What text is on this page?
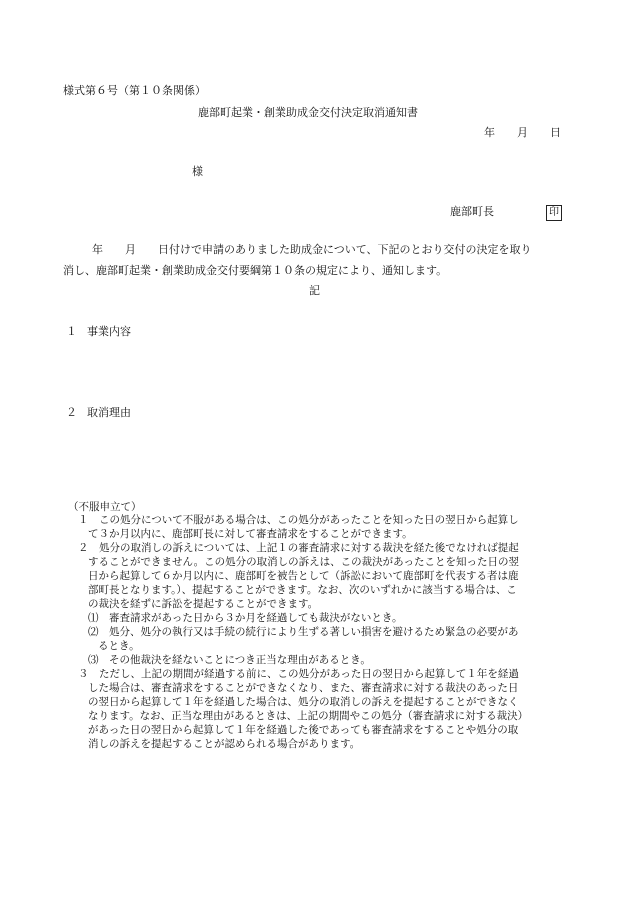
様式第６号（第１０条関係）
鹿部町起業・創業助成金交付決定取消通知書
年　　月　　日
様
鹿部町長	印
　　年　　月　　日付けで申請のありました助成金について、下記のとおり交付の決定を取り
消し、鹿部町起業・創業助成金交付要綱第１０条の規定により、通知します。
記
１ 事業内容
２ 取消理由
（不服申立て）
１　この処分について不服がある場合は、この処分があったことを知った日の翌日から起算し
て３か月以内に、鹿部町長に対して審査請求をすることができます。
２　処分の取消しの訴えについては、上記１の審査請求に対する裁決を経た後でなければ提起
することができません。この処分の取消しの訴えは、この裁決があったことを知った日の翌
日から起算して６か月以内に、鹿部町を被告として（訴訟において鹿部町を代表する者は鹿
部町長となります。）、提起することができます。なお、次のいずれかに該当する場合は、こ
の裁決を経ずに訴訟を提起することができます。
⑴　審査請求があった日から３か月を経過しても裁決がないとき。
⑵　処分、処分の執行又は手続の続行により生ずる著しい損害を避けるため緊急の必要があ
るとき。
⑶　その他裁決を経ないことにつき正当な理由があるとき。
３　ただし、上記の期間が経過する前に、この処分があった日の翌日から起算して１年を経過
した場合は、審査請求をすることができなくなり、また、審査請求に対する裁決のあった日
の翌日から起算して１年を経過した場合は、処分の取消しの訴えを提起することができなく
なります。なお、正当な理由があるときは、上記の期間やこの処分（審査請求に対する裁決）
があった日の翌日から起算して１年を経過した後であっても審査請求をすることや処分の取
消しの訴えを提起することが認められる場合があります。
